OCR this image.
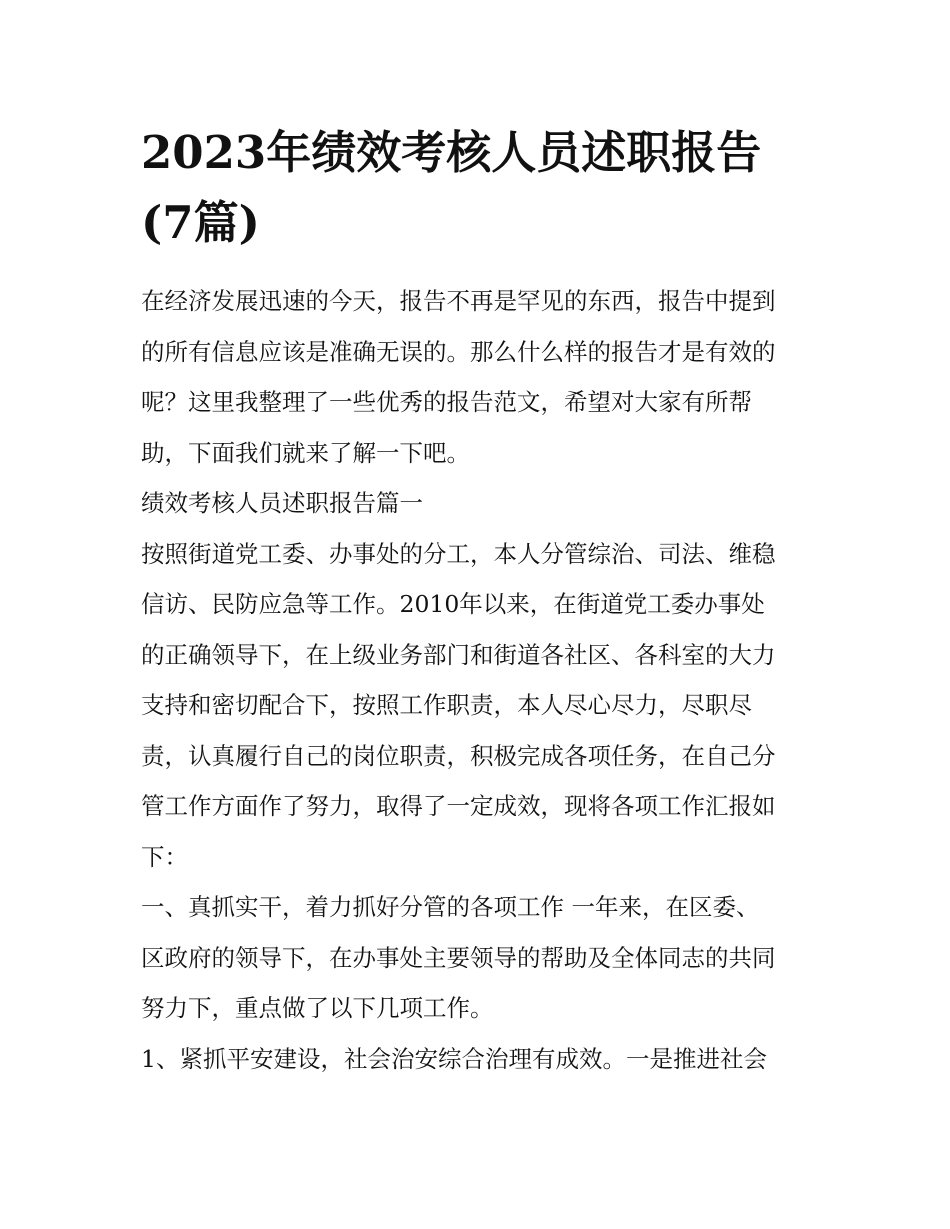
2023年绩效考核人员述职报告
(7篇)

在经济发展迅速的今天，报告不再是罕见的东西，报告中提到
的所有信息应该是准确无误的。那么什么样的报告才是有效的
呢？这里我整理了一些优秀的报告范文，希望对大家有所帮
助，下面我们就来了解一下吧。

绩效考核人员述职报告篇一

按照街道党工委、办事处的分工，本人分管综治、司法、维稳
信访、民防应急等工作。2010年以来，在街道党工委办事处
的正确领导下，在上级业务部门和街道各社区、各科室的大力
支持和密切配合下，按照工作职责，本人尽心尽力，尽职尽
责，认真履行自己的岗位职责，积极完成各项任务，在自己分
管工作方面作了努力，取得了一定成效，现将各项工作汇报如
下：

一、真抓实干，着力抓好分管的各项工作 一年来，在区委、
区政府的领导下，在办事处主要领导的帮助及全体同志的共同
努力下，重点做了以下几项工作。

1、紧抓平安建设，社会治安综合治理有成效。一是推进社会
